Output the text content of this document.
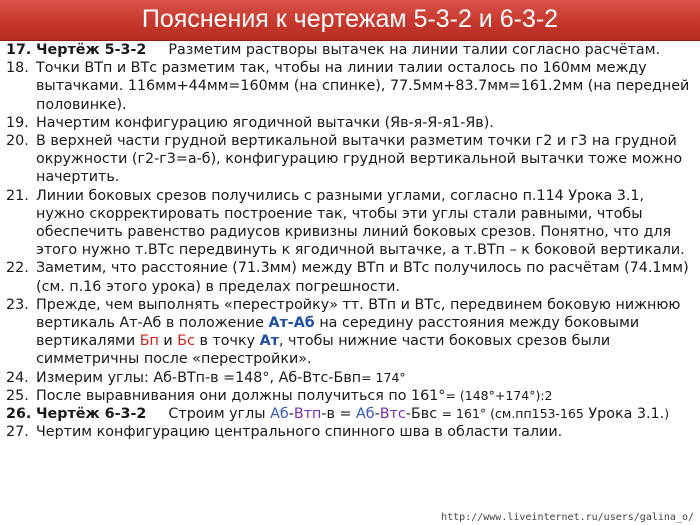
Пояснения к чертежам 5-3-2 и 6-3-2
17. Чертёж 5-3-2 Разметим растворы вытачек на линии талии согласно расчётам.
18. Точки ВТп и ВТс разметим так, чтобы на линии талии осталось по 160мм между вытачками. 116мм+44мм=160мм (на спинке), 77.5мм+83.7мм=161.2мм (на передней половинке).
19. Начертим конфигурацию ягодичной вытачки (Яв-я-Я-я1-Яв).
20. В верхней части грудной вертикальной вытачки разметим точки г2 и г3 на грудной окружности (г2-г3=а-б), конфигурацию грудной вертикальной вытачки тоже можно начертить.
21. Линии боковых срезов получились с разными углами, согласно п.114 Урока 3.1, нужно скорректировать построение так, чтобы эти углы стали равными, чтобы обеспечить равенство радиусов кривизны линий боковых срезов. Понятно, что для этого нужно т.ВТс передвинуть к ягодичной вытачке, а т.ВТп – к боковой вертикали.
22. Заметим, что расстояние (71.3мм) между ВТп и ВТс получилось по расчётам (74.1мм) (см. п.16 этого урока) в пределах погрешности.
23. Прежде, чем выполнять «перестройку» тт. ВТп и ВТс, передвинем боковую нижнюю вертикаль Ат-Аб в положение Ат-Аб на середину расстояния между боковыми вертикалями Бп и Бс в точку Ат, чтобы нижние части боковых срезов были симметричны после «перестройки».
24. Измерим углы: Аб-ВТп-в =148°, Аб-Втс-Бвп= 174°
25. После выравнивания они должны получиться по 161°= (148°+174°):2
26. Чертёж 6-3-2 Строим углы Аб-Втп-в = Аб-Втс-Бвс = 161° (см.пп153-165 Урока 3.1.)
27. Чертим конфигурацию центрального спинного шва в области талии.
http://www.liveinternet.ru/users/galina_o/
